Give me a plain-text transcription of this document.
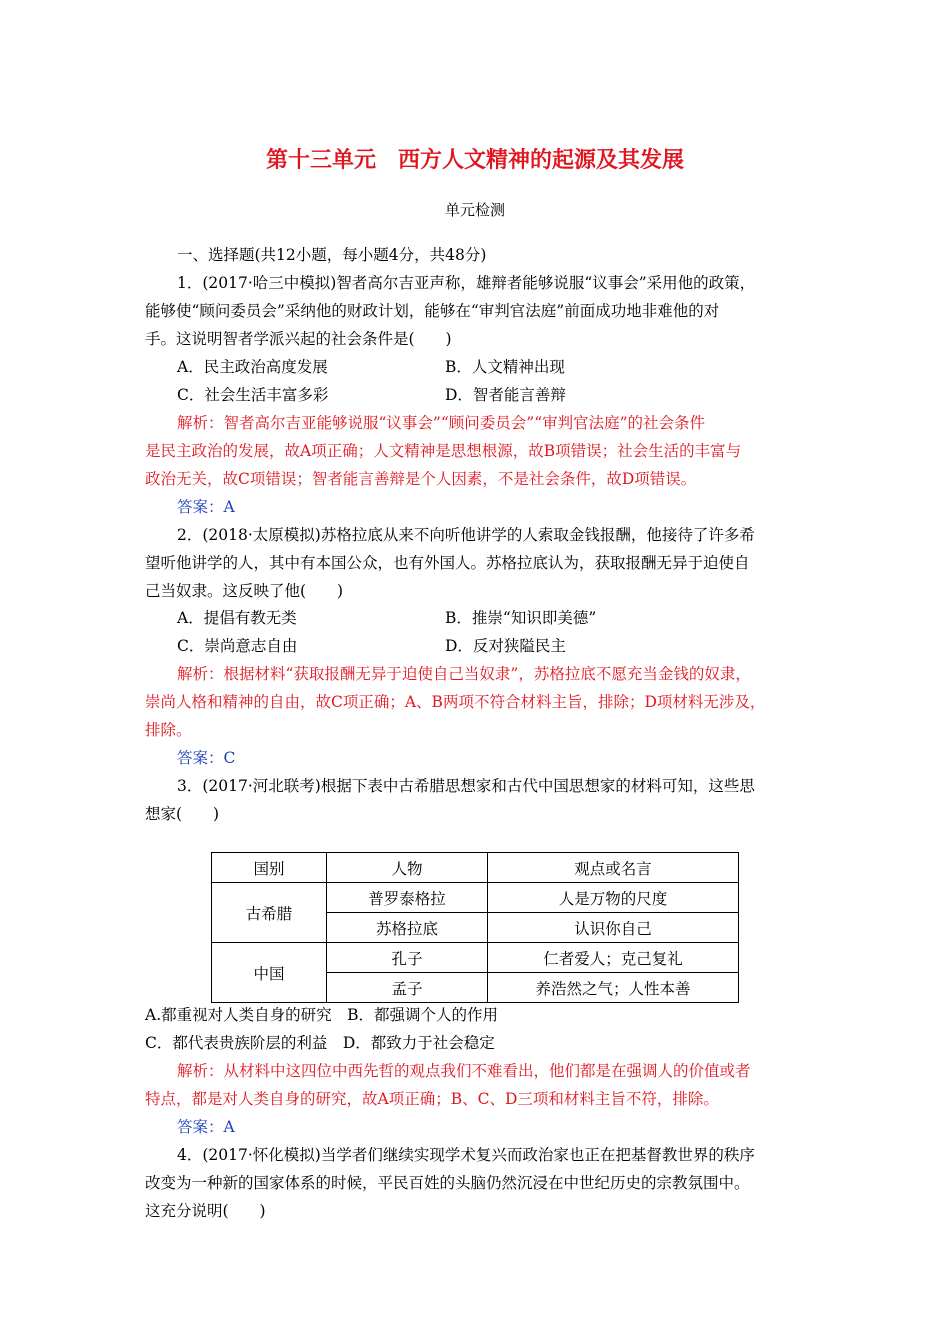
第十三单元　西方人文精神的起源及其发展
单元检测
一、选择题(共12小题，每小题4分，共48分)
1．(2017·哈三中模拟)智者高尔吉亚声称，雄辩者能够说服“议事会”采用他的政策，
能够使“顾问委员会”采纳他的财政计划，能够在“审判官法庭”前面成功地非难他的对
手。这说明智者学派兴起的社会条件是(　　)
A．民主政治高度发展	B．人文精神出现
C．社会生活丰富多彩	D．智者能言善辩
解析：智者高尔吉亚能够说服“议事会”“顾问委员会”“审判官法庭”的社会条件
是民主政治的发展，故A项正确；人文精神是思想根源，故B项错误；社会生活的丰富与
政治无关，故C项错误；智者能言善辩是个人因素，不是社会条件，故D项错误。
答案：A
2．(2018·太原模拟)苏格拉底从来不向听他讲学的人索取金钱报酬，他接待了许多希
望听他讲学的人，其中有本国公众，也有外国人。苏格拉底认为，获取报酬无异于迫使自
己当奴隶。这反映了他(　　)
A．提倡有教无类	B．推崇“知识即美德”
C．崇尚意志自由	D．反对狭隘民主
解析：根据材料“获取报酬无异于迫使自己当奴隶”，苏格拉底不愿充当金钱的奴隶，
崇尚人格和精神的自由，故C项正确；A、B两项不符合材料主旨，排除；D项材料无涉及，
排除。
答案：C
3．(2017·河北联考)根据下表中古希腊思想家和古代中国思想家的材料可知，这些思
想家(　　)
国别	人物	观点或名言
古希腊	普罗泰格拉	人是万物的尺度
	苏格拉底	认识你自己
中国	孔子	仁者爱人；克己复礼
	孟子	养浩然之气；人性本善
A.都重视对人类自身的研究　B．都强调个人的作用
C．都代表贵族阶层的利益　D．都致力于社会稳定
解析：从材料中这四位中西先哲的观点我们不难看出，他们都是在强调人的价值或者
特点，都是对人类自身的研究，故A项正确；B、C、D三项和材料主旨不符，排除。
答案：A
4．(2017·怀化模拟)当学者们继续实现学术复兴而政治家也正在把基督教世界的秩序
改变为一种新的国家体系的时候，平民百姓的头脑仍然沉浸在中世纪历史的宗教氛围中。
这充分说明(　　)
